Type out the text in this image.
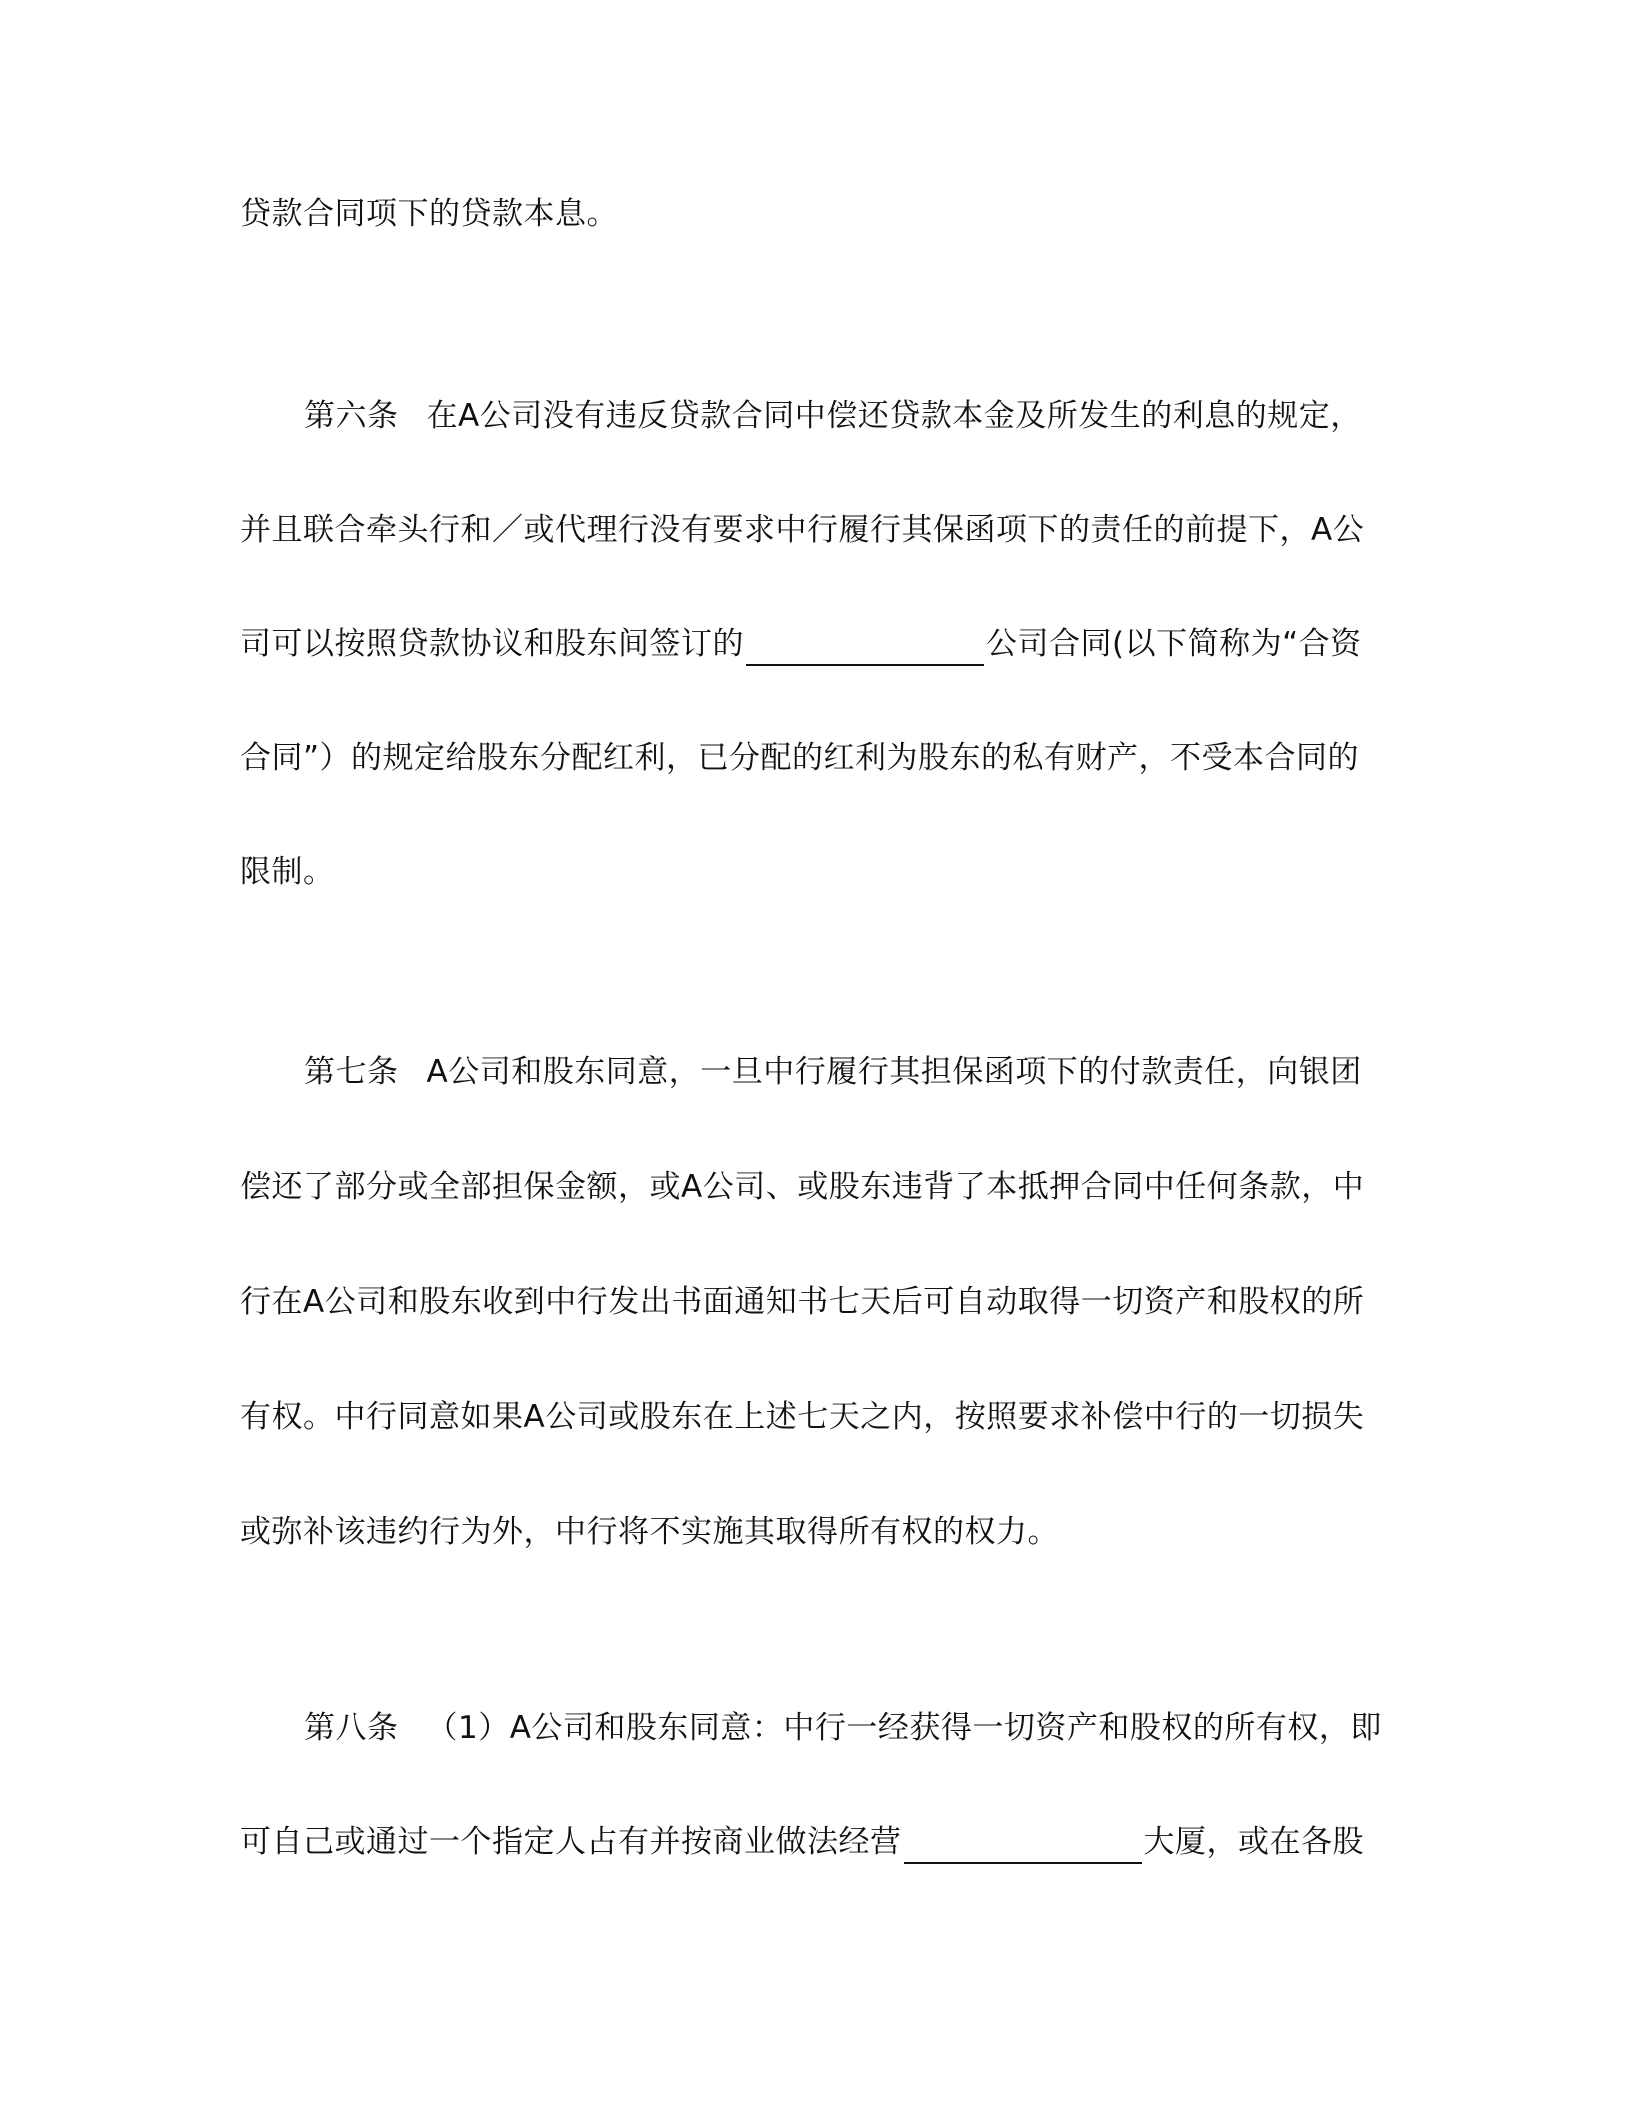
贷款合同项下的贷款本息。
第六条 在A公司没有违反贷款合同中偿还贷款本金及所发生的利息的规定，
并且联合牵头行和／或代理行没有要求中行履行其保函项下的责任的前提下，A公
司可以按照贷款协议和股东间签订的	公司合同(以下简称为“合资
合同”）的规定给股东分配红利，已分配的红利为股东的私有财产，不受本合同的
限制。
第七条 A公司和股东同意，一旦中行履行其担保函项下的付款责任，向银团
偿还了部分或全部担保金额，或A公司、或股东违背了本抵押合同中任何条款，中
行在A公司和股东收到中行发出书面通知书七天后可自动取得一切资产和股权的所
有权。中行同意如果A公司或股东在上述七天之内，按照要求补偿中行的一切损失
或弥补该违约行为外，中行将不实施其取得所有权的权力。
第八条 （1）A公司和股东同意：中行一经获得一切资产和股权的所有权，即
可自己或通过一个指定人占有并按商业做法经营	大厦，或在各股
